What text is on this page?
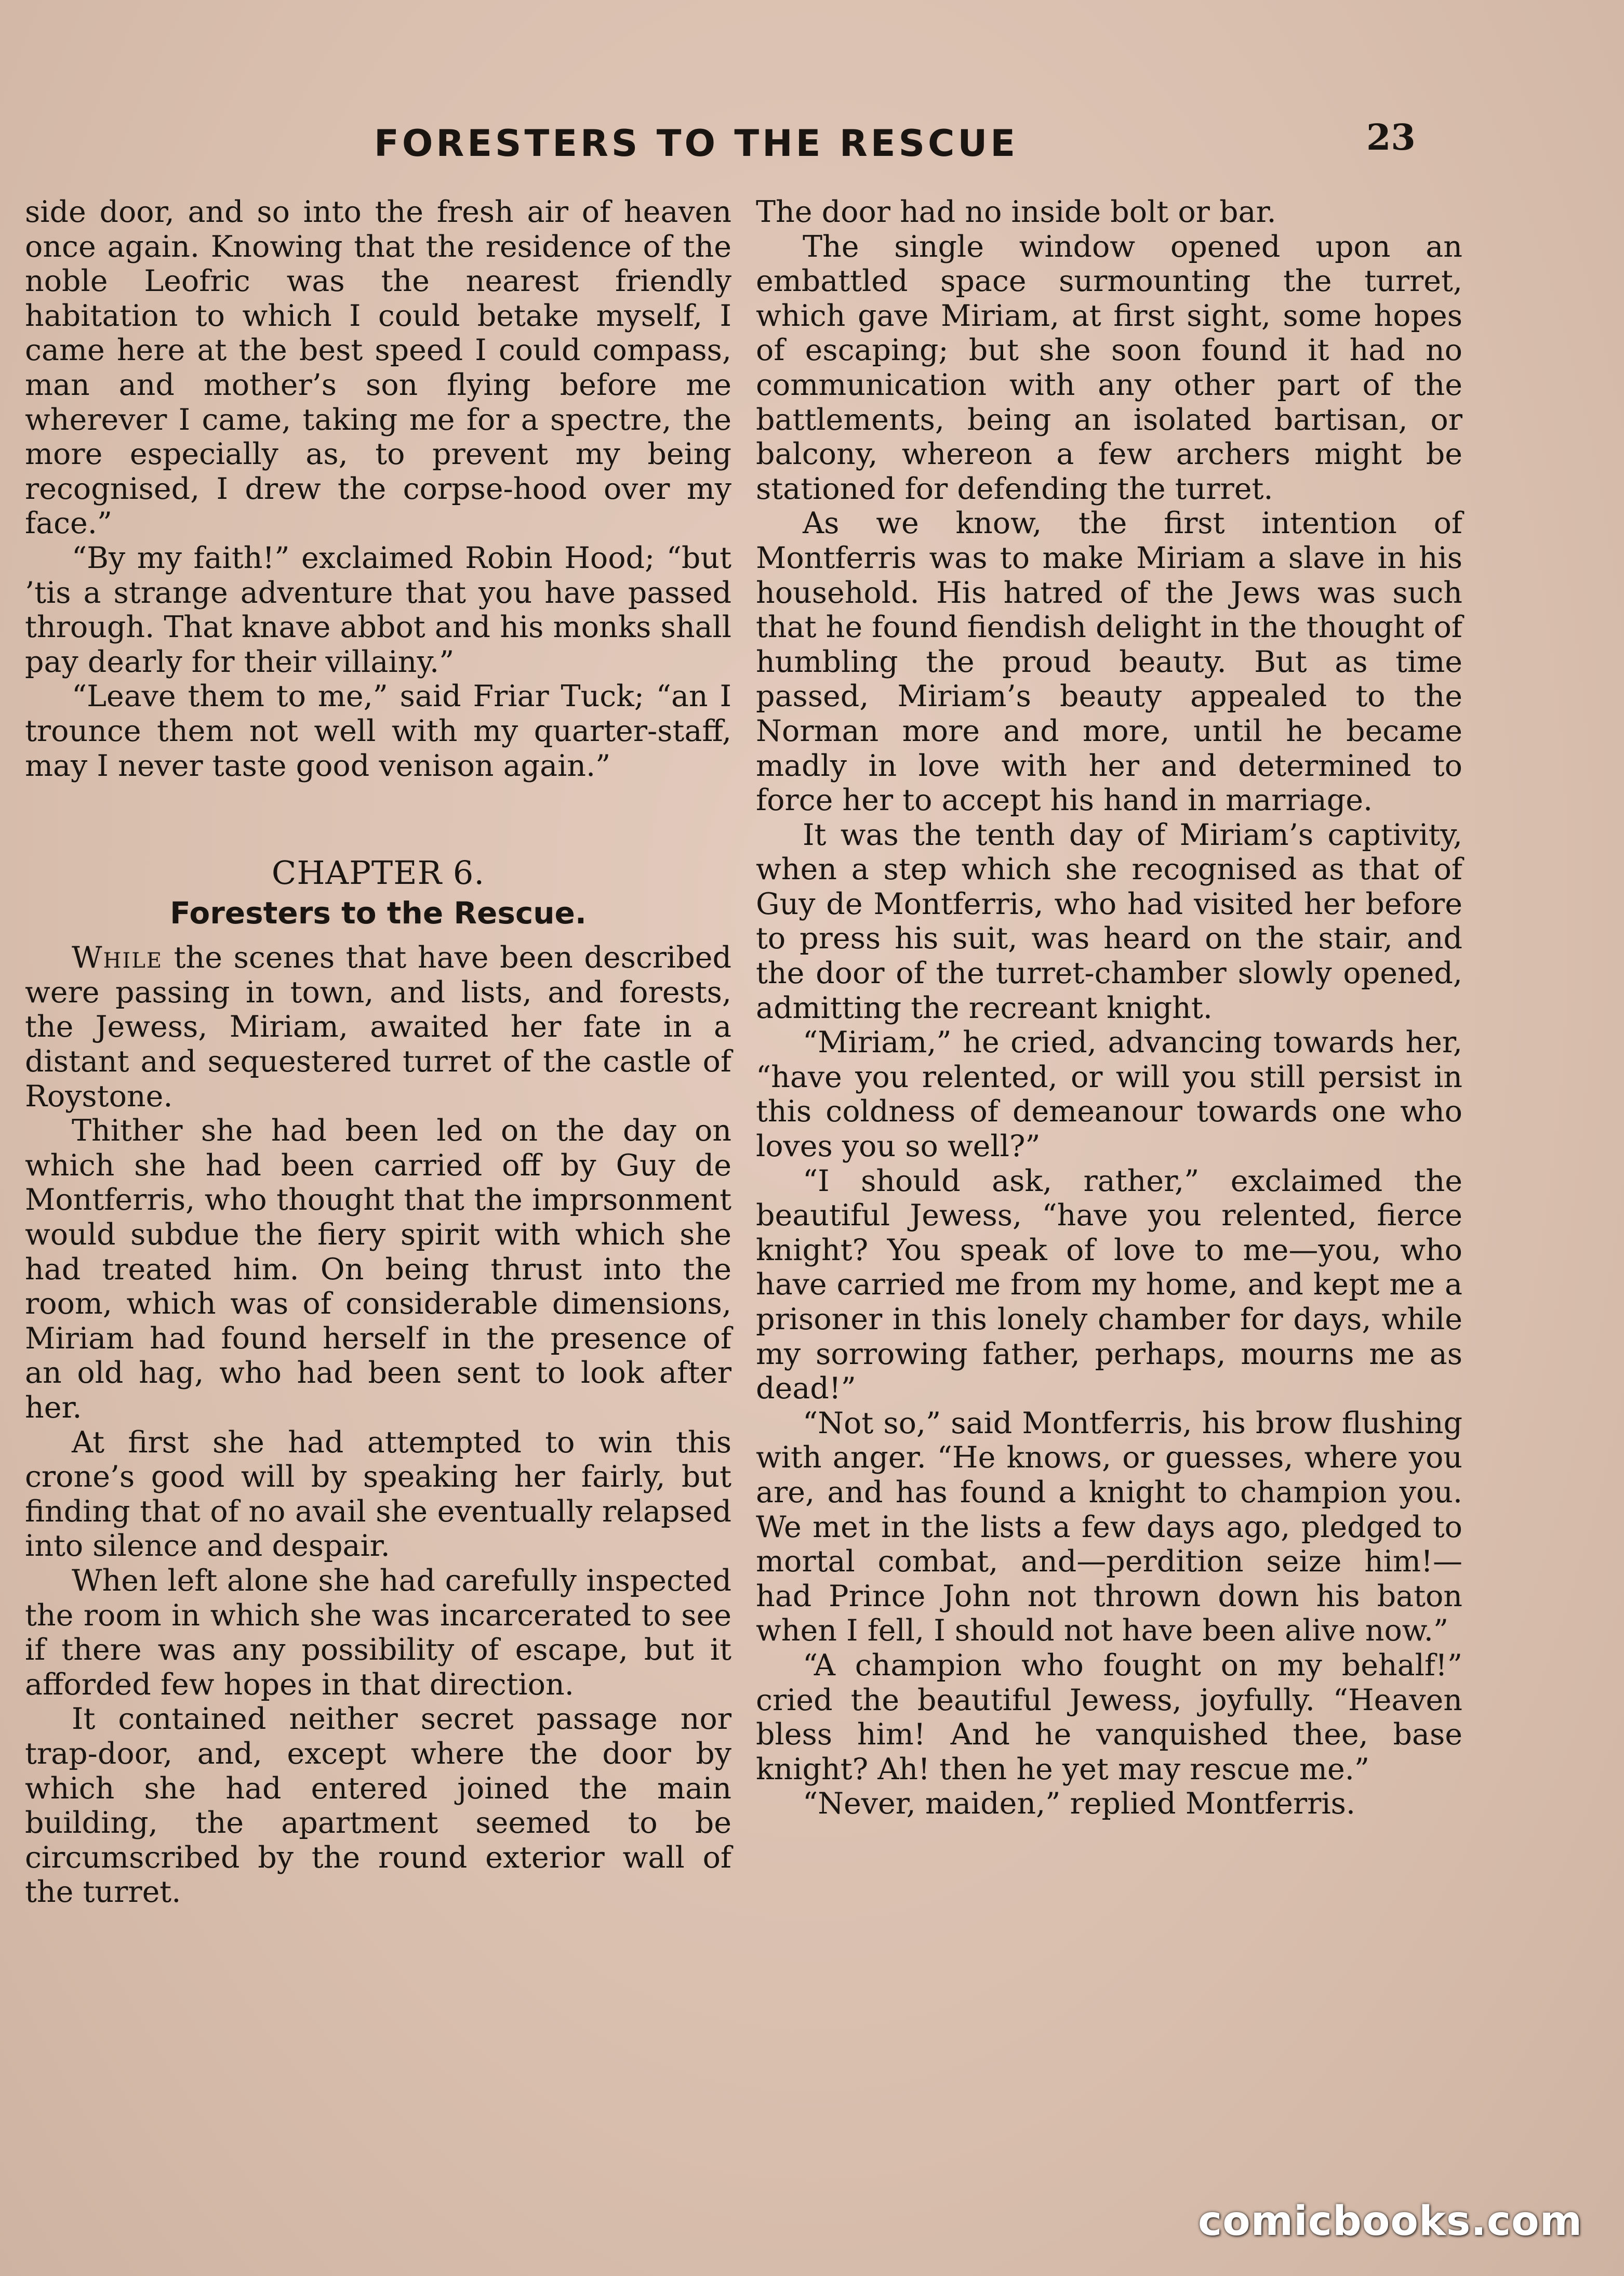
FORESTERS TO THE RESCUE	23

side door, and so into the fresh air of heaven once again. Knowing that the residence of the noble Leofric was the nearest friendly habitation to which I could betake myself, I came here at the best speed I could compass, man and mother’s son flying before me wherever I came, taking me for a spectre, the more especially as, to prevent my being recognised, I drew the corpse-hood over my face.”

“By my faith!” exclaimed Robin Hood; “but ’tis a strange adventure that you have passed through. That knave abbot and his monks shall pay dearly for their villainy.”

“Leave them to me,” said Friar Tuck; “an I trounce them not well with my quarter-staff, may I never taste good venison again.”

CHAPTER 6.
Foresters to the Rescue.

While the scenes that have been described were passing in town, and lists, and forests, the Jewess, Miriam, awaited her fate in a distant and sequestered turret of the castle of Roystone.

Thither she had been led on the day on which she had been carried off by Guy de Montferris, who thought that the imprsonment would subdue the fiery spirit with which she had treated him. On being thrust into the room, which was of considerable dimensions, Miriam had found herself in the presence of an old hag, who had been sent to look after her.

At first she had attempted to win this crone’s good will by speaking her fairly, but finding that of no avail she eventually relapsed into silence and despair.

When left alone she had carefully inspected the room in which she was incarcerated to see if there was any possibility of escape, but it afforded few hopes in that direction.

It contained neither secret passage nor trap-door, and, except where the door by which she had entered joined the main building, the apartment seemed to be circumscribed by the round exterior wall of the turret.

The door had no inside bolt or bar.

The single window opened upon an embattled space surmounting the turret, which gave Miriam, at first sight, some hopes of escaping; but she soon found it had no communication with any other part of the battlements, being an isolated bartisan, or balcony, whereon a few archers might be stationed for defending the turret.

As we know, the first intention of Montferris was to make Miriam a slave in his household. His hatred of the Jews was such that he found fiendish delight in the thought of humbling the proud beauty. But as time passed, Miriam’s beauty appealed to the Norman more and more, until he became madly in love with her and determined to force her to accept his hand in marriage.

It was the tenth day of Miriam’s captivity, when a step which she recognised as that of Guy de Montferris, who had visited her before to press his suit, was heard on the stair, and the door of the turret-chamber slowly opened, admitting the recreant knight.

“Miriam,” he cried, advancing towards her, “have you relented, or will you still persist in this coldness of demeanour towards one who loves you so well?”

“I should ask, rather,” exclaimed the beautiful Jewess, “have you relented, fierce knight? You speak of love to me—you, who have carried me from my home, and kept me a prisoner in this lonely chamber for days, while my sorrowing father, perhaps, mourns me as dead!”

“Not so,” said Montferris, his brow flushing with anger. “He knows, or guesses, where you are, and has found a knight to champion you. We met in the lists a few days ago, pledged to mortal combat, and—perdition seize him!—had Prince John not thrown down his baton when I fell, I should not have been alive now.”

“A champion who fought on my behalf!” cried the beautiful Jewess, joyfully. “Heaven bless him! And he vanquished thee, base knight? Ah! then he yet may rescue me.”

“Never, maiden,” replied Montferris.

comicbooks.com
